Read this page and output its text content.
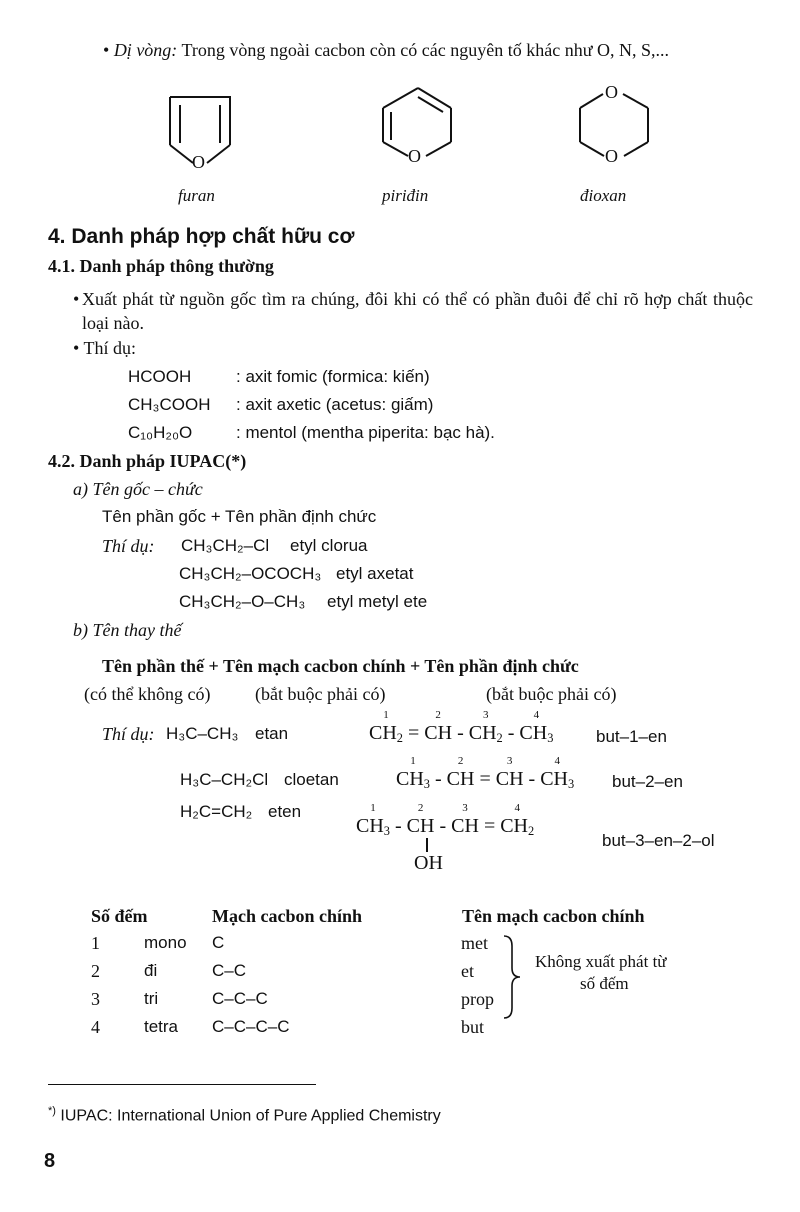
• Dị vòng: Trong vòng ngoài cacbon còn có các nguyên tố khác như O, N, S,...
O
furan
O
piriđin
O
O
đioxan
4. Danh pháp hợp chất hữu cơ
4.1. Danh pháp thông thường
• Xuất phát từ nguồn gốc tìm ra chúng, đôi khi có thể có phần đuôi để chỉ rõ hợp chất thuộc loại nào.
• Thí dụ:
HCOOH	: axit fomic (formica: kiến)
CH₃COOH : axit axetic (acetus: giấm)
C₁₀H₂₀O	: mentol (mentha piperita: bạc hà).
4.2. Danh pháp IUPAC(*)
a) Tên gốc – chức
Tên phần gốc + Tên phần định chức
Thí dụ: CH₃CH₂–Cl etyl clorua
CH₃CH₂–OCOCH₃ etyl axetat
CH₃CH₂–O–CH₃ etyl metyl ete
b) Tên thay thế
Tên phần thế + Tên mạch cacbon chính + Tên phần định chức
(có thể không có) (bắt buộc phải có)	(bắt buộc phải có)
Thí dụ: H₃C–CH₃ etan
H₃C–CH₂Cl cloetan
H₂C=CH₂ eten
1
$CH_2$ =
2
CH -
3
$CH_2$ -
4
$CH_3$	but–1–en
1
$CH_3$ -
2
CH =
3
CH -
4
$CH_3$ but–2–en
1
$CH_3$ -
2
CH -
3
CH =
4
$CH_2$
OH
but–3–en–2–ol
Số đếm	Mạch cacbon chính	Tên mạch cacbon chính
1	mono C	met
2	đi	C–C	et
3	tri	C–C–C	prop
4	tetra C–C–C–C	but
Không xuất phát từ
số đếm
*) IUPAC: International Union of Pure Applied Chemistry
8
